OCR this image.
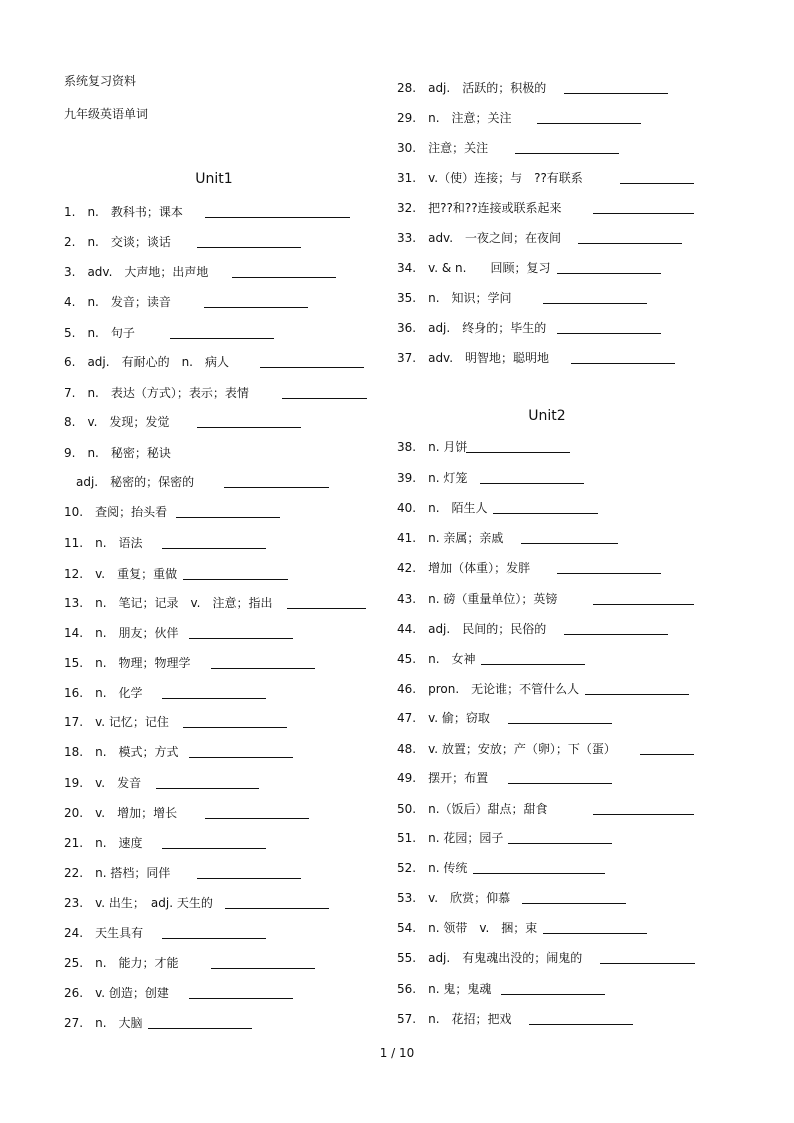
系统复习资料
九年级英语单词
Unit1
1.　n.　教科书；课本
2.　n.　交谈；谈话
3.　adv.　大声地；出声地
4.　n.　发音；读音
5.　n.　句子
6.　adj.　有耐心的　n.　病人
7.　n.　表达（方式）；表示；表情
8.　v.　发现；发觉
9.　n.　秘密；秘诀
adj.　秘密的；保密的
10.　查阅；抬头看
11.　n.　语法
12.　v.　重复；重做
13.　n.　笔记；记录　v.　注意；指出
14.　n.　朋友；伙伴
15.　n.　物理；物理学
16.　n.　化学
17.　v. 记忆；记住
18.　n.　模式；方式
19.　v.　发音
20.　v.　增加；增长
21.　n.　速度
22.　n. 搭档；同伴
23.　v. 出生；　adj. 天生的
24.　天生具有
25.　n.　能力；才能
26.　v. 创造；创建
27.　n.　大脑
Unit2
28.　adj.　活跃的；积极的
29.　n.　注意；关注
30.　注意；关注
31.　v.（使）连接；与　??有联系
32.　把??和??连接或联系起来
33.　adv.　一夜之间；在夜间
34.　v. & n.　　回顾；复习
35.　n.　知识；学问
36.　adj.　终身的；毕生的
37.　adv.　明智地；聪明地
38.　n. 月饼
39.　n. 灯笼
40.　n.　陌生人
41.　n. 亲属；亲戚
42.　增加（体重）；发胖
43.　n. 磅（重量单位）；英镑
44.　adj.　民间的；民俗的
45.　n.　女神
46.　pron.　无论谁；不管什么人
47.　v. 偷；窃取
48.　v. 放置；安放；产（卵）；下（蛋）
49.　摆开；布置
50.　n.（饭后）甜点；甜食
51.　n. 花园；园子
52.　n. 传统
53.　v.　欣赏；仰慕
54.　n. 领带　v.　捆；束
55.　adj.　有鬼魂出没的；闹鬼的
56.　n. 鬼；鬼魂
57.　n.　花招；把戏
1 / 10
